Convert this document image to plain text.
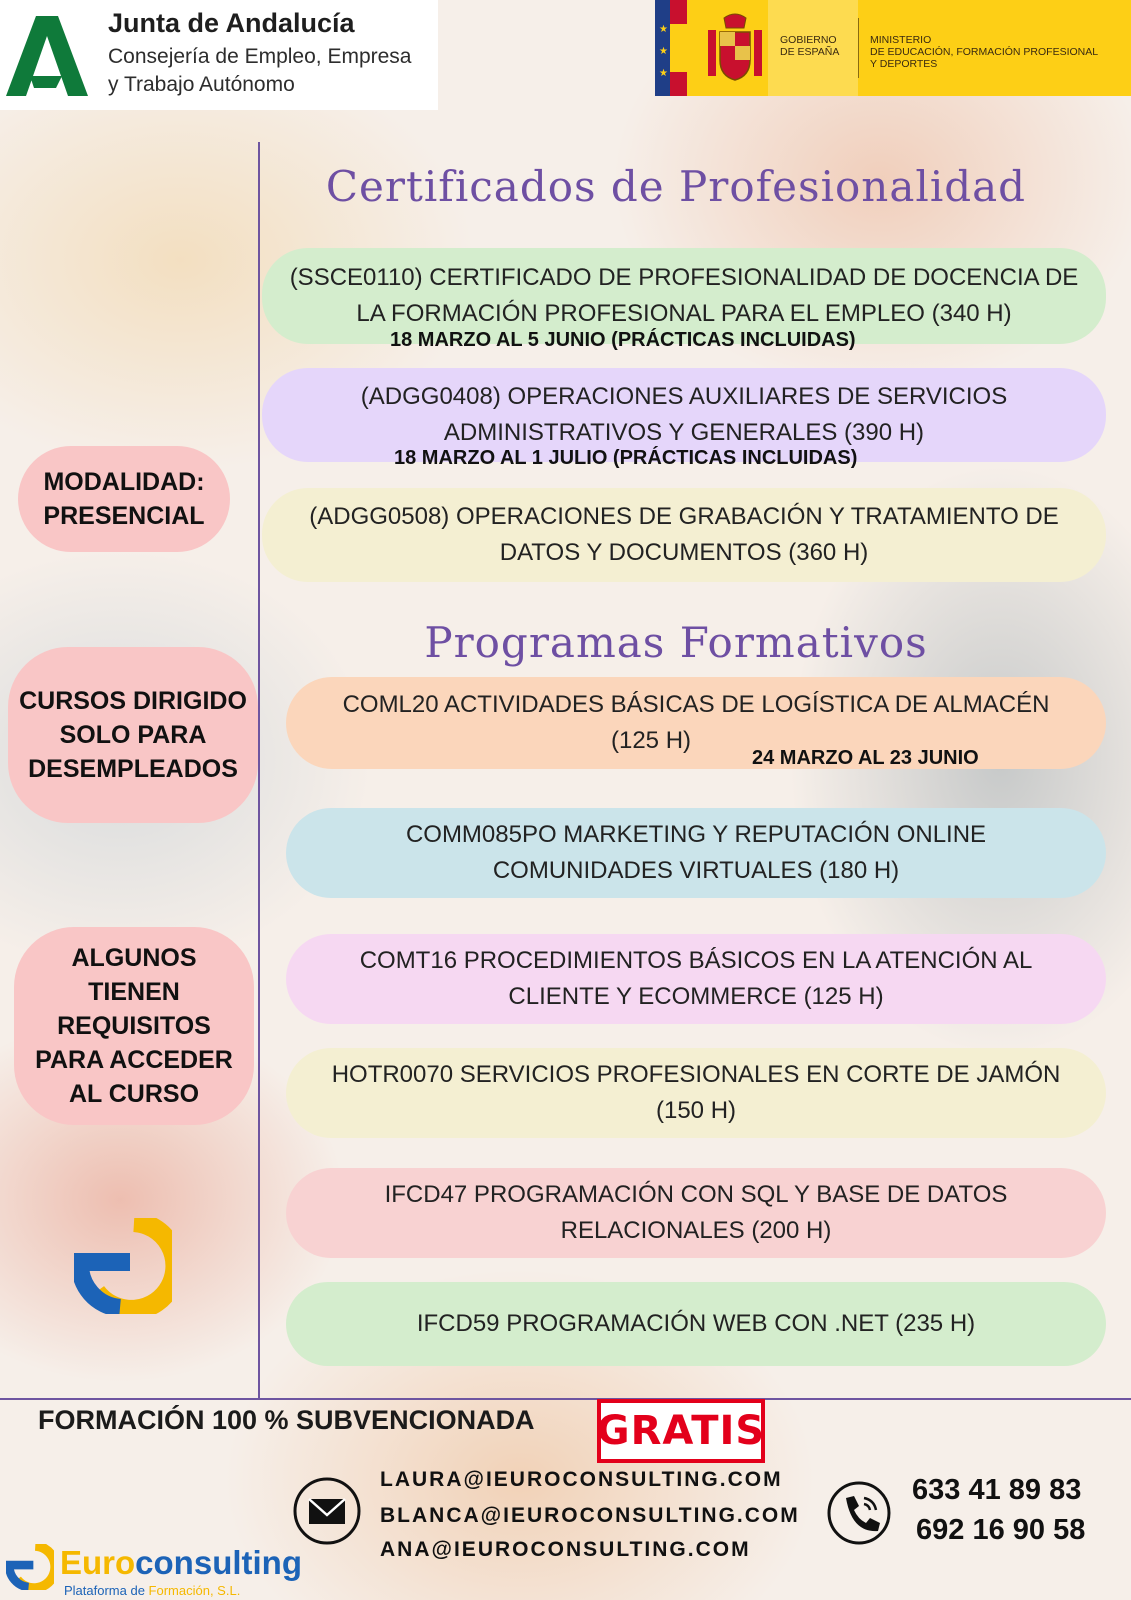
Junta de Andalucía
Consejería de Empleo, Empresa
y Trabajo Autónomo
★
★
★
GOBIERNO
DE ESPAÑA
MINISTERIO
DE EDUCACIÓN, FORMACIÓN PROFESIONAL
Y DEPORTES
MODALIDAD: PRESENCIAL
CURSOS DIRIGIDO SOLO PARA DESEMPLEADOS
ALGUNOS TIENEN REQUISITOS PARA ACCEDER AL CURSO
Certificados de Profesionalidad
(SSCE0110) CERTIFICADO DE PROFESIONALIDAD DE DOCENCIA DE LA FORMACIÓN PROFESIONAL PARA EL EMPLEO (340 H)
18 MARZO AL 5 JUNIO (PRÁCTICAS INCLUIDAS)
(ADGG0408) OPERACIONES AUXILIARES DE SERVICIOS ADMINISTRATIVOS Y GENERALES (390 H)
18 MARZO AL 1 JULIO (PRÁCTICAS INCLUIDAS)
(ADGG0508) OPERACIONES DE GRABACIÓN Y TRATAMIENTO DE DATOS Y DOCUMENTOS (360 H)
Programas Formativos
COML20 ACTIVIDADES BÁSICAS DE LOGÍSTICA DE ALMACÉN
(125 H)
24 MARZO AL 23 JUNIO
COMM085PO MARKETING Y REPUTACIÓN ONLINE COMUNIDADES VIRTUALES (180 H)
COMT16 PROCEDIMIENTOS BÁSICOS EN LA ATENCIÓN AL CLIENTE Y ECOMMERCE (125 H)
HOTR0070 SERVICIOS PROFESIONALES EN CORTE DE JAMÓN (150 H)
IFCD47 PROGRAMACIÓN CON SQL Y BASE DE DATOS RELACIONALES (200 H)
IFCD59 PROGRAMACIÓN WEB CON .NET (235 H)
FORMACIÓN 100 % SUBVENCIONADA GRATIS
LAURA@IEUROCONSULTING.COM
BLANCA@IEUROCONSULTING.COM
ANA@IEUROCONSULTING.COM
633 41 89 83
692 16 90 58
Euroconsulting
Plataforma de Formación, S.L.
